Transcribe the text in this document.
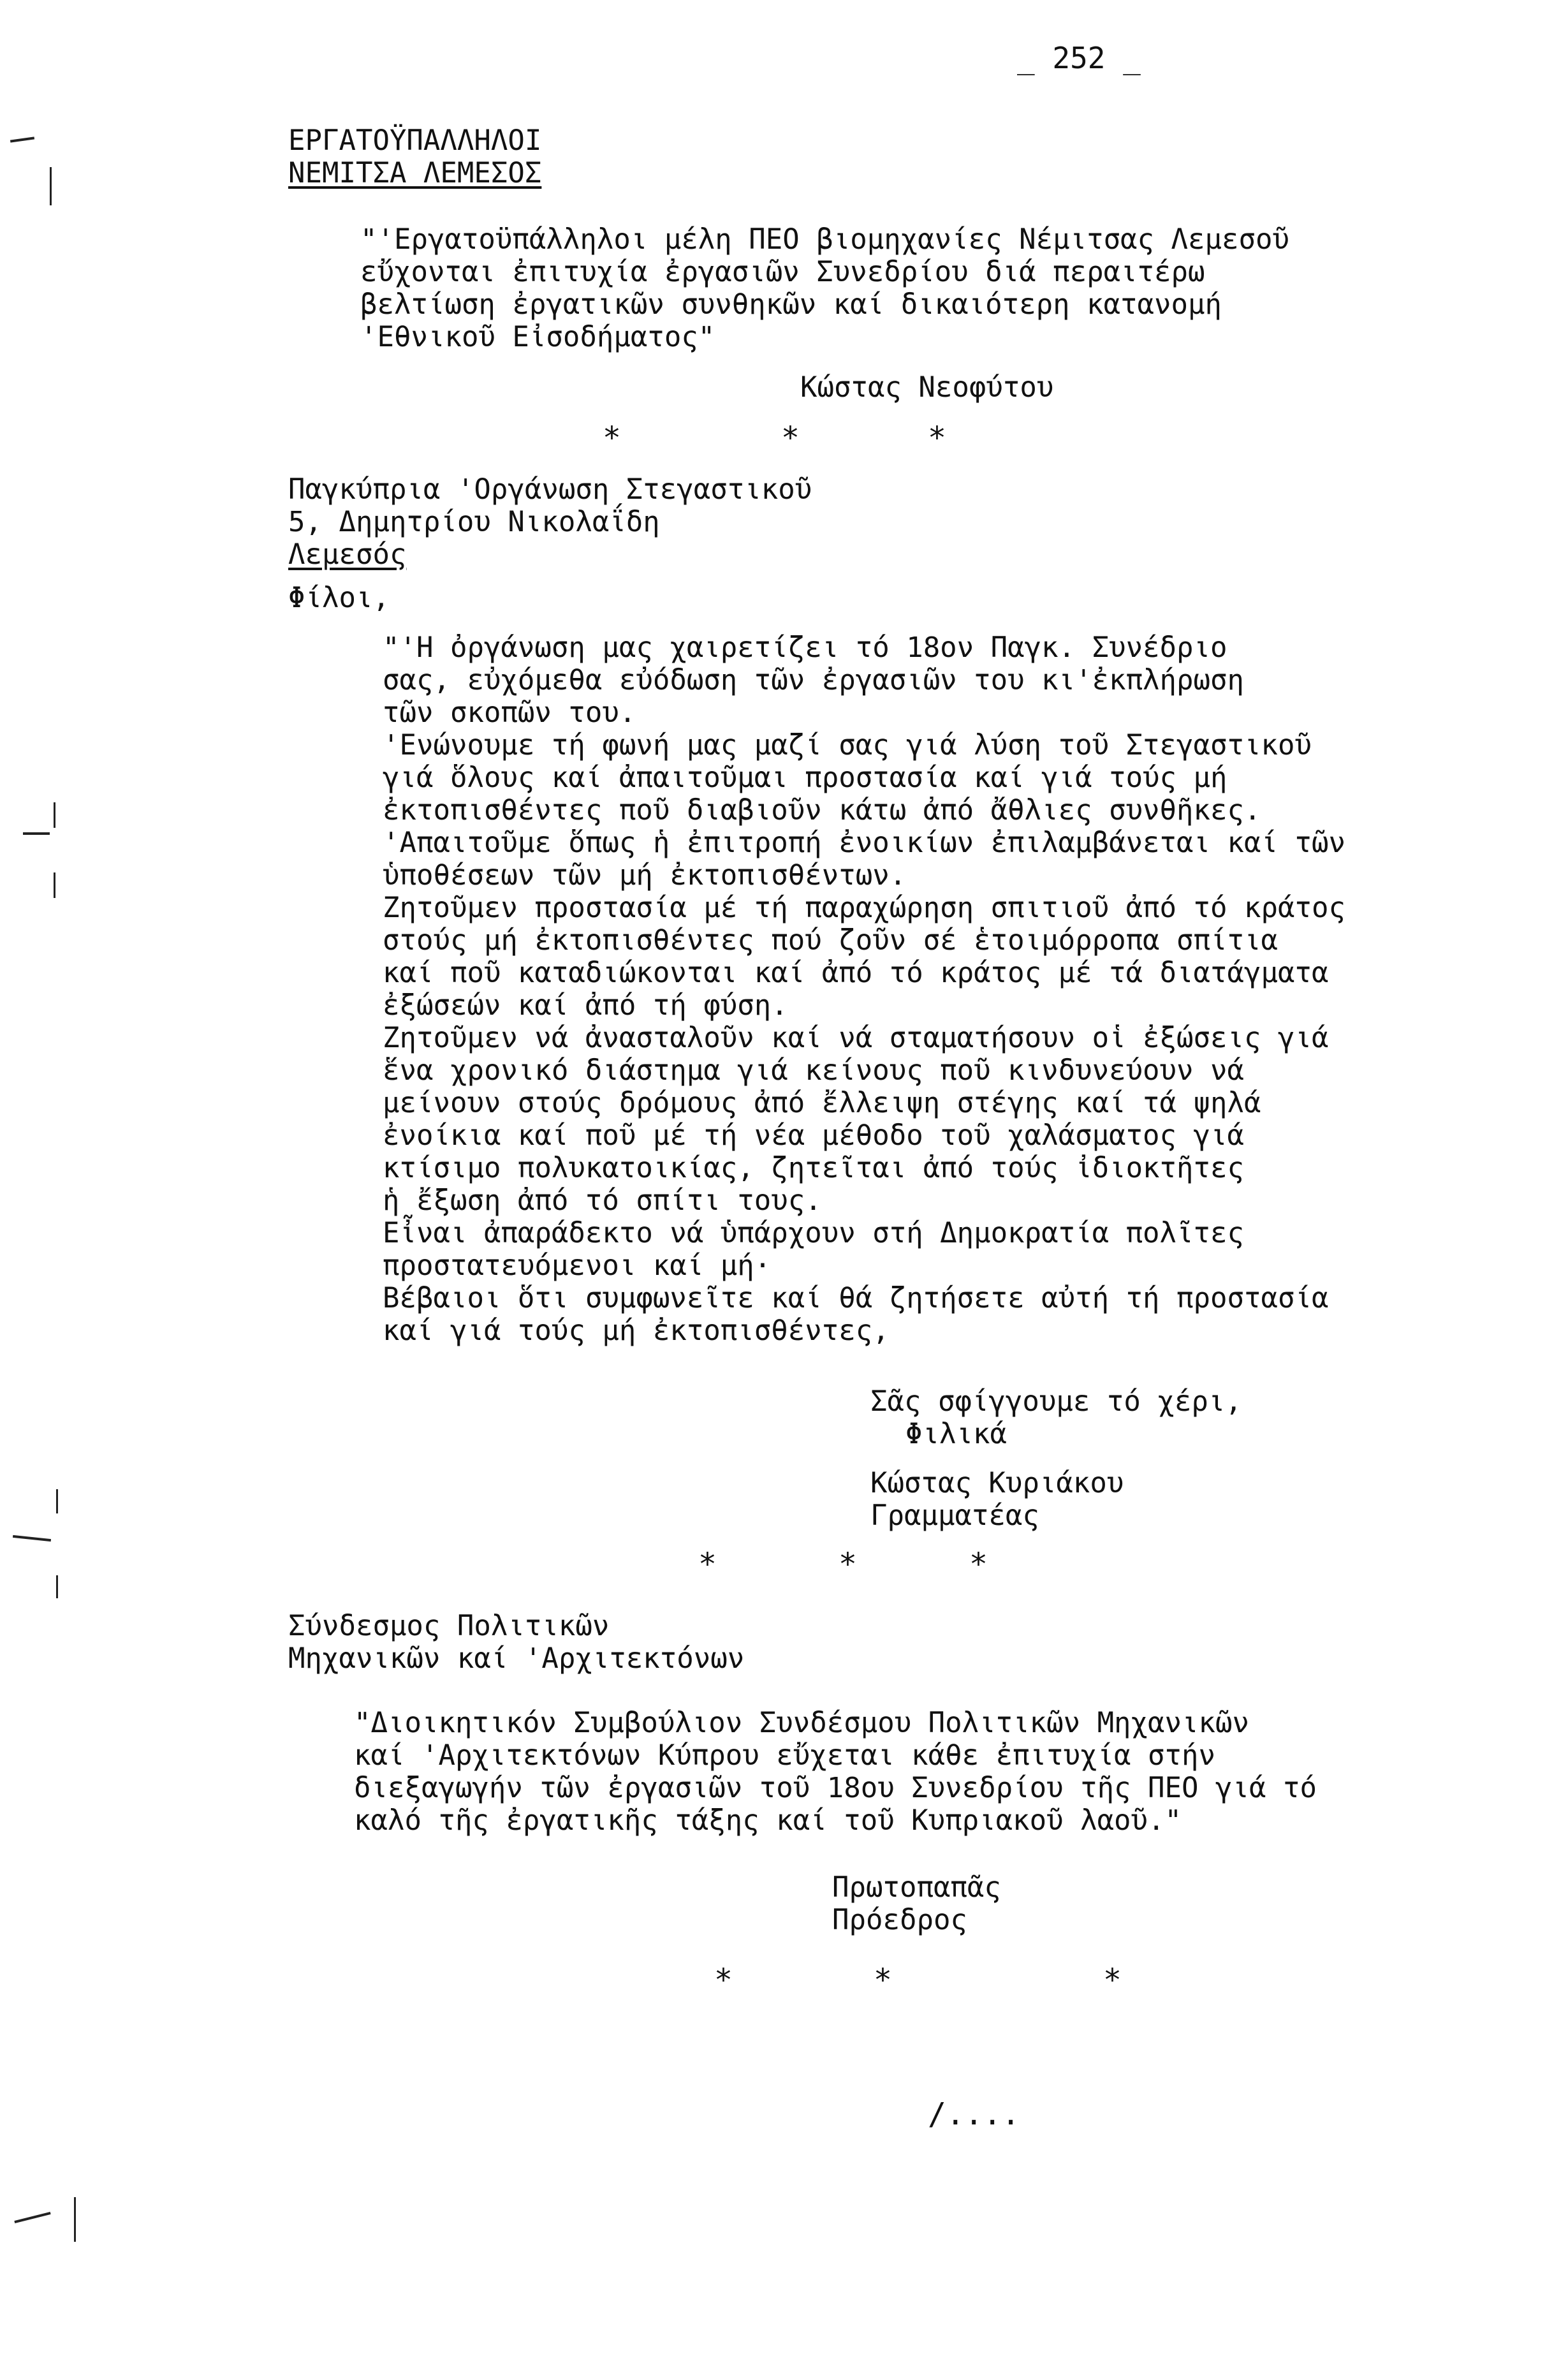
_ 252 _
ΕΡΓΑΤΟΫΠΑΛΛΗΛΟΙ
ΝΕΜΙΤΣΑ ΛΕΜΕΣΟΣ
"'Εργατοϋπάλληλοι μέλη ΠΕΟ βιομηχανίες Νέμιτσας Λεμεσοῦ
εὔχονται ἐπιτυχία ἐργασιῶν Συνεδρίου διά περαιτέρω
βελτίωση ἐργατικῶν συνθηκῶν καί δικαιότερη κατανομή
'Εθνικοῦ Εἰσοδήματος"
Κώστας Νεοφύτου
*	*	*
Παγκύπρια 'Οργάνωση Στεγαστικοῦ
5, Δημητρίου Νικολαΐδη
Λεμεσός
Φίλοι,
"'Η ὀργάνωση μας χαιρετίζει τό 18ον Παγκ. Συνέδριο
σας, εὐχόμεθα εὐόδωση τῶν ἐργασιῶν του κι'ἐκπλήρωση
τῶν σκοπῶν του.
'Ενώνουμε τή φωνή μας μαζί σας γιά λύση τοῦ Στεγαστικοῦ
γιά ὅλους καί ἀπαιτοῦμαι προστασία καί γιά τούς μή
ἐκτοπισθέντες ποῦ διαβιοῦν κάτω ἀπό ἄθλιες συνθῆκες.
'Απαιτοῦμε ὅπως ἡ ἐπιτροπή ἐνοικίων ἐπιλαμβάνεται καί τῶν
ὑποθέσεων τῶν μή ἐκτοπισθέντων.
Ζητοῦμεν προστασία μέ τή παραχώρηση σπιτιοῦ ἀπό τό κράτος
στούς μή ἐκτοπισθέντες πού ζοῦν σέ ἑτοιμόρροπα σπίτια
καί ποῦ καταδιώκονται καί ἀπό τό κράτος μέ τά διατάγματα
ἐξώσεών καί ἀπό τή φύση.
Ζητοῦμεν νά ἀνασταλοῦν καί νά σταματήσουν οἱ ἐξώσεις γιά
ἕνα χρονικό διάστημα γιά κείνους ποῦ κινδυνεύουν νά
μείνουν στούς δρόμους ἀπό ἔλλειψη στέγης καί τά ψηλά
ἐνοίκια καί ποῦ μέ τή νέα μέθοδο τοῦ χαλάσματος γιά
κτίσιμο πολυκατοικίας, ζητεῖται ἀπό τούς ἰδιοκτῆτες
ἡ ἔξωση ἀπό τό σπίτι τους.
Εἶναι ἀπαράδεκτο νά ὑπάρχουν στή Δημοκρατία πολῖτες
προστατευόμενοι καί μή·
Βέβαιοι ὅτι συμφωνεῖτε καί θά ζητήσετε αὐτή τή προστασία
καί γιά τούς μή ἐκτοπισθέντες,
Σᾶς σφίγγουμε τό χέρι,
Φιλικά
Κώστας Κυριάκου
Γραμματέας
*	*	*
Σύνδεσμος Πολιτικῶν
Μηχανικῶν καί 'Αρχιτεκτόνων
"Διοικητικόν Συμβούλιον Συνδέσμου Πολιτικῶν Μηχανικῶν
καί 'Αρχιτεκτόνων Κύπρου εὔχεται κάθε ἐπιτυχία στήν
διεξαγωγήν τῶν ἐργασιῶν τοῦ 18ου Συνεδρίου τῆς ΠΕΟ γιά τό
καλό τῆς ἐργατικῆς τάξης καί τοῦ Κυπριακοῦ λαοῦ."
Πρωτοπαπᾶς
Πρόεδρος
*	*	*
/....
